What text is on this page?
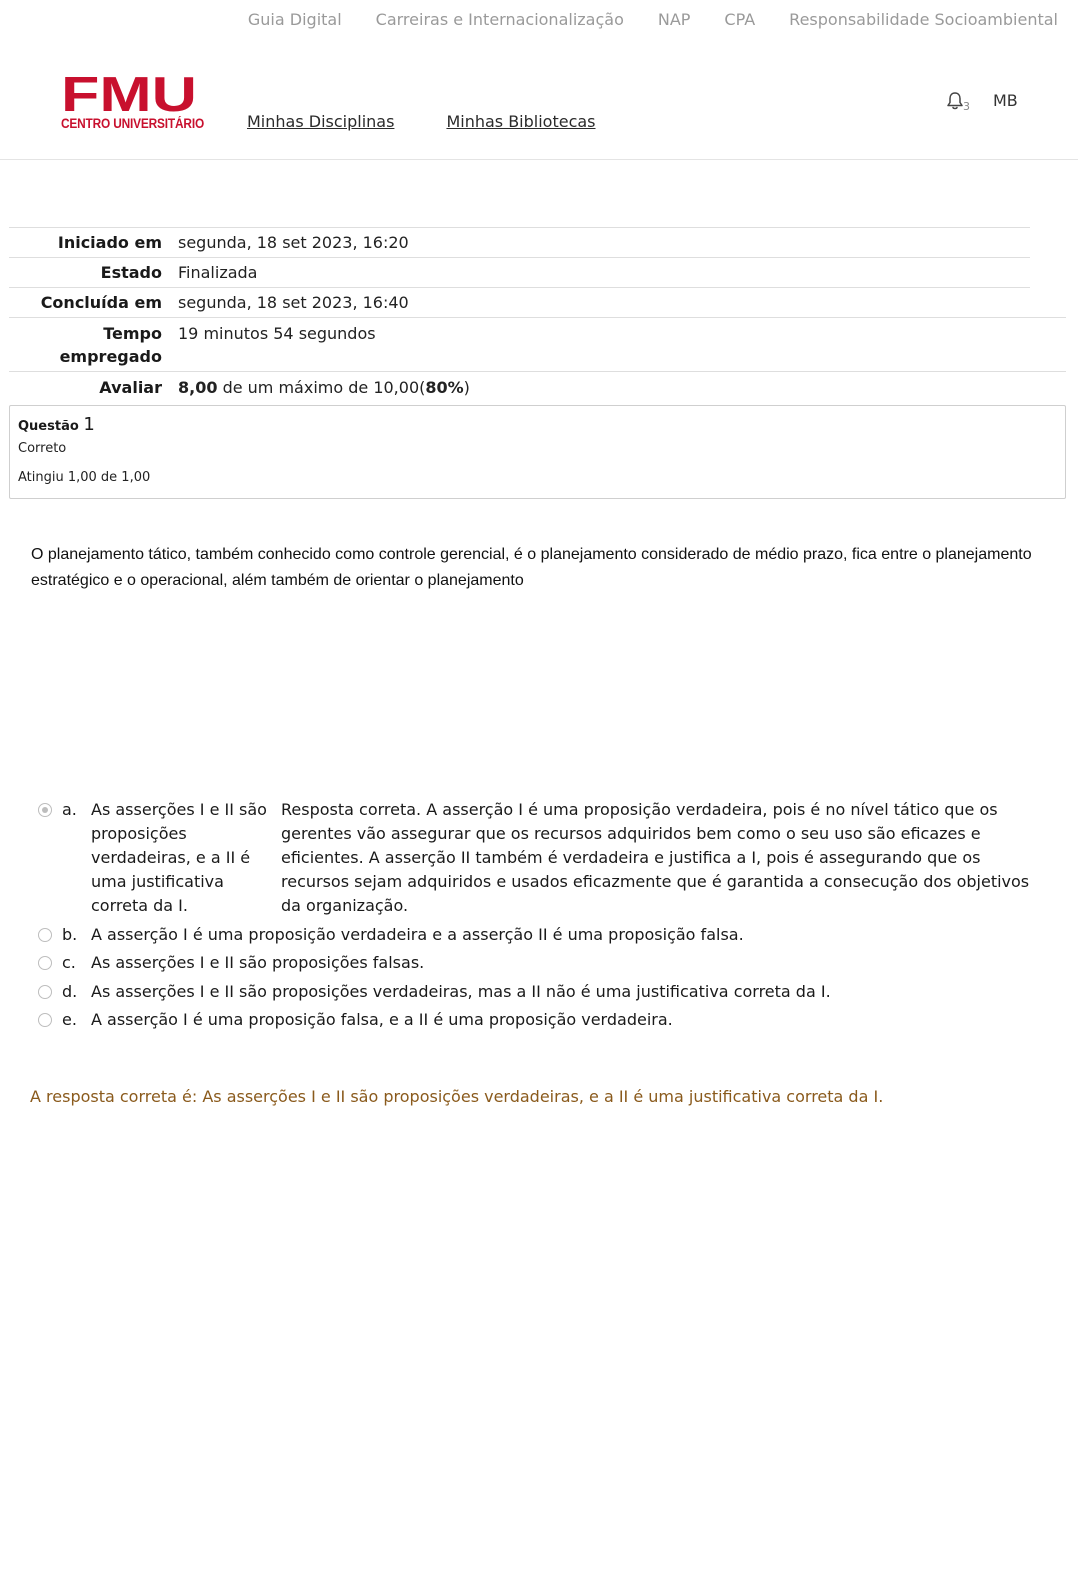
Guia Digital Carreiras e Internacionalização NAP CPA Responsabilidade Socioambiental
FMU
CENTRO UNIVERSITÁRIO	Minhas Disciplinas	Minhas Bibliotecas
3 MB
Iniciado em	segunda, 18 set 2023, 16:20
Estado	Finalizada
Concluída em	segunda, 18 set 2023, 16:40
Tempo empregado	19 minutos 54 segundos
Avaliar	8,00 de um máximo de 10,00(80%)
Questão 1
Correto
Atingiu 1,00 de 1,00
O planejamento tático, também conhecido como controle gerencial, é o planejamento considerado de médio prazo, fica entre o planejamento estratégico e o operacional, além também de orientar o planejamento
a. As asserções I e II são proposições verdadeiras, e a II é uma justificativa correta da I.
Resposta correta. A asserção I é uma proposição verdadeira, pois é no nível tático que os gerentes vão assegurar que os recursos adquiridos bem como o seu uso são eficazes e eficientes. A asserção II também é verdadeira e justifica a I, pois é assegurando que os recursos sejam adquiridos e usados eficazmente que é garantida a consecução dos objetivos da organização.
b. A asserção I é uma proposição verdadeira e a asserção II é uma proposição falsa.
c. As asserções I e II são proposições falsas.
d. As asserções I e II são proposições verdadeiras, mas a II não é uma justificativa correta da I.
e. A asserção I é uma proposição falsa, e a II é uma proposição verdadeira.
A resposta correta é: As asserções I e II são proposições verdadeiras, e a II é uma justificativa correta da I.
